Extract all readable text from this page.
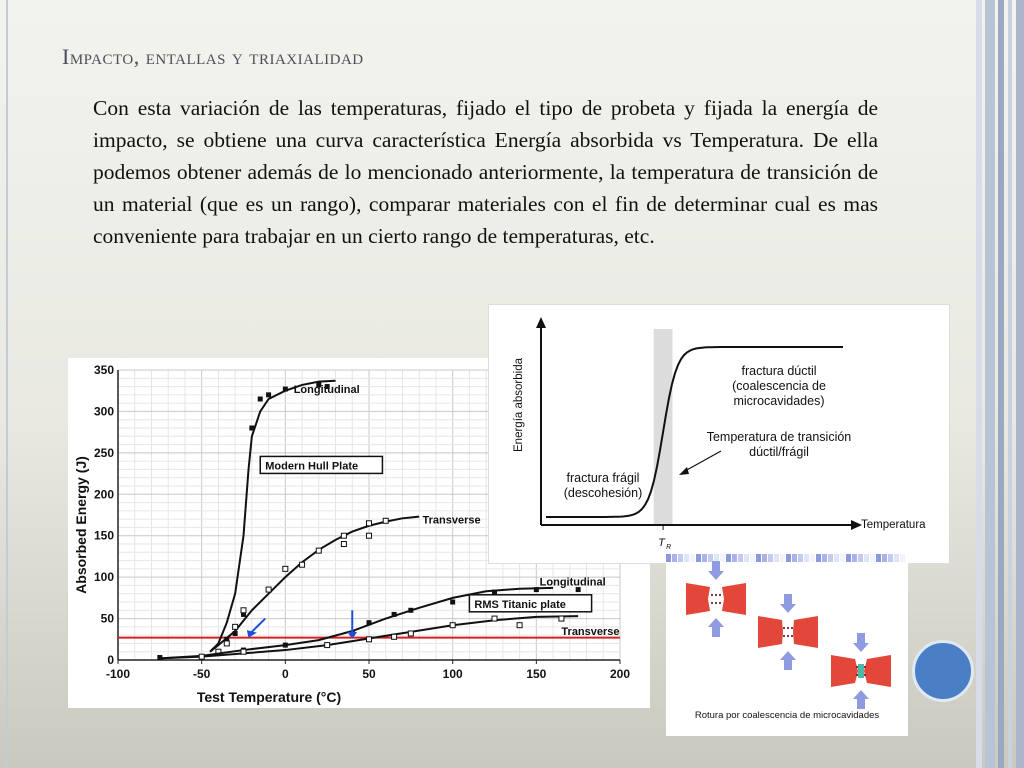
Impacto, entallas y triaxialidad
Con esta variación de las temperaturas, fijado el tipo de probeta y fijada la energía de impacto, se obtiene una curva característica Energía absorbida vs Temperatura. De ella podemos obtener además de lo mencionado anteriormente, la temperatura de transición de un material (que es un rango), comparar materiales con el fin de determinar cual es mas conveniente para trabajar en un cierto rango de temperaturas, etc.
-100	-50	0	50	100	150	200
0
50
100
150
200
250
300
350
Test Temperature (°C)
Absorbed Energy (J)
Longitudinal
Transverse
Longitudinal
Transverse
Modern Hull Plate
RMS Titanic plate
Temperatura
Energía absorbida
T R
fractura dúctil
(coalescencia de
microcavidades)
fractura frágil
(descohesión)
Temperatura de transición
dúctil/frágil
Rotura por coalescencia de microcavidades
